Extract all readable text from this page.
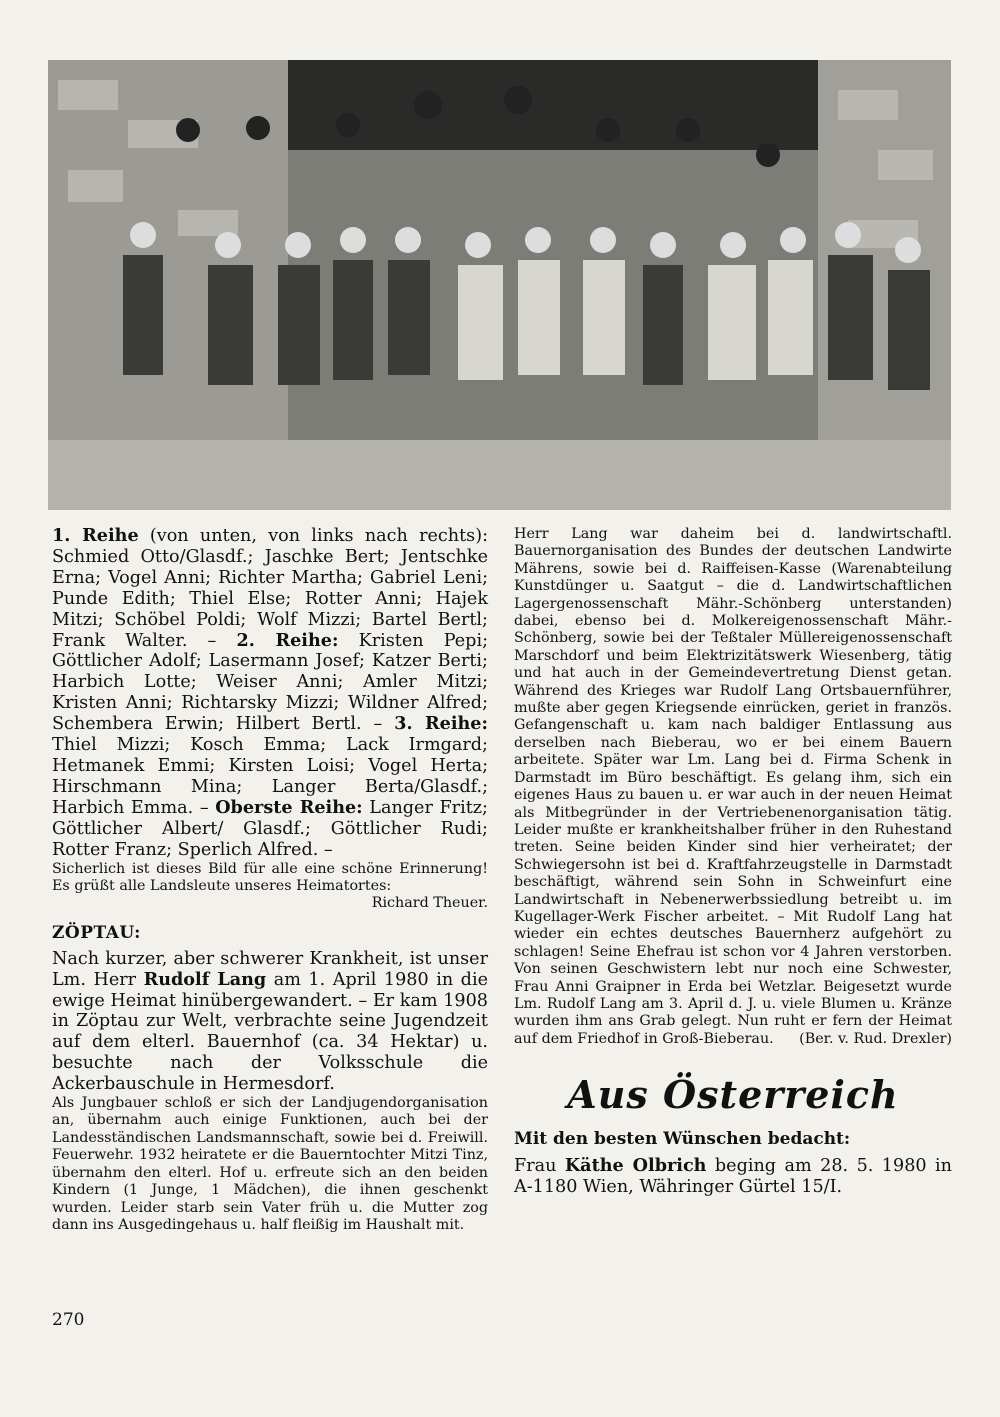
1. Reihe (von unten, von links nach rechts): Schmied Otto/Glasdf.; Jaschke Bert; Jentschke Erna; Vogel Anni; Richter Martha; Gabriel Leni; Punde Edith; Thiel Else; Rotter Anni; Hajek Mitzi; Schöbel Poldi; Wolf Mizzi; Bartel Bertl; Frank Walter. – 2. Reihe: Kristen Pepi; Göttlicher Adolf; Lasermann Josef; Katzer Berti; Harbich Lotte; Weiser Anni; Amler Mitzi; Kristen Anni; Richtarsky Mizzi; Wildner Alfred; Schembera Erwin; Hilbert Bertl. – 3. Reihe: Thiel Mizzi; Kosch Emma; Lack Irmgard; Hetmanek Emmi; Kirsten Loisi; Vogel Herta; Hirschmann Mina; Langer Berta/Glasdf.; Harbich Emma. – Oberste Reihe: Langer Fritz; Göttlicher Albert/ Glasdf.; Göttlicher Rudi; Rotter Franz; Sperlich Alfred. –

Sicherlich ist dieses Bild für alle eine schöne Erinnerung! Es grüßt alle Landsleute unseres Heimatortes:

Richard Theuer.
ZÖPTAU:

Nach kurzer, aber schwerer Krankheit, ist unser Lm. Herr Rudolf Lang am 1. April 1980 in die ewige Heimat hinübergewandert. – Er kam 1908 in Zöptau zur Welt, verbrachte seine Jugendzeit auf dem elterl. Bauernhof (ca. 34 Hektar) u. besuchte nach der Volksschule die Ackerbauschule in Hermesdorf.

Als Jungbauer schloß er sich der Landjugendorganisation an, übernahm auch einige Funktionen, auch bei der Landesständischen Landsmannschaft, sowie bei d. Freiwill. Feuerwehr. 1932 heiratete er die Bauerntochter Mitzi Tinz, übernahm den elterl. Hof u. erfreute sich an den beiden Kindern (1 Junge, 1 Mädchen), die ihnen geschenkt wurden. Leider starb sein Vater früh u. die Mutter zog dann ins Ausgedingehaus u. half fleißig im Haushalt mit.

Herr Lang war daheim bei d. landwirtschaftl. Bauernorganisation des Bundes der deutschen Landwirte Mährens, sowie bei d. Raiffeisen-Kasse (Warenabteilung Kunstdünger u. Saatgut – die d. Landwirtschaftlichen Lagergenossenschaft Mähr.-Schönberg unterstanden) dabei, ebenso bei d. Molkereigenossenschaft Mähr.-Schönberg, sowie bei der Teßtaler Müllereigenossenschaft Marschdorf und beim Elektrizitätswerk Wiesenberg, tätig und hat auch in der Gemeindevertretung Dienst getan. Während des Krieges war Rudolf Lang Ortsbauernführer, mußte aber gegen Kriegsende einrücken, geriet in französ. Gefangenschaft u. kam nach baldiger Entlassung aus derselben nach Bieberau, wo er bei einem Bauern arbeitete. Später war Lm. Lang bei d. Firma Schenk in Darmstadt im Büro beschäftigt. Es gelang ihm, sich ein eigenes Haus zu bauen u. er war auch in der neuen Heimat als Mitbegründer in der Vertriebenenorganisation tätig. Leider mußte er krankheitshalber früher in den Ruhestand treten. Seine beiden Kinder sind hier verheiratet; der Schwiegersohn ist bei d. Kraftfahrzeugstelle in Darmstadt beschäftigt, während sein Sohn in Schweinfurt eine Landwirtschaft in Nebenerwerbssiedlung betreibt u. im Kugellager-Werk Fischer arbeitet. – Mit Rudolf Lang hat wieder ein echtes deutsches Bauernherz aufgehört zu schlagen! Seine Ehefrau ist schon vor 4 Jahren verstorben. Von seinen Geschwistern lebt nur noch eine Schwester, Frau Anni Graipner in Erda bei Wetzlar. Beigesetzt wurde Lm. Rudolf Lang am 3. April d. J. u. viele Blumen u. Kränze wurden ihm ans Grab gelegt. Nun ruht er fern der Heimat auf dem Friedhof in Groß-Bieberau. (Ber. v. Rud. Drexler)

Aus Österreich
Mit den besten Wünschen bedacht:

Frau Käthe Olbrich beging am 28. 5. 1980 in A-1180 Wien, Währinger Gürtel 15/I.

270
